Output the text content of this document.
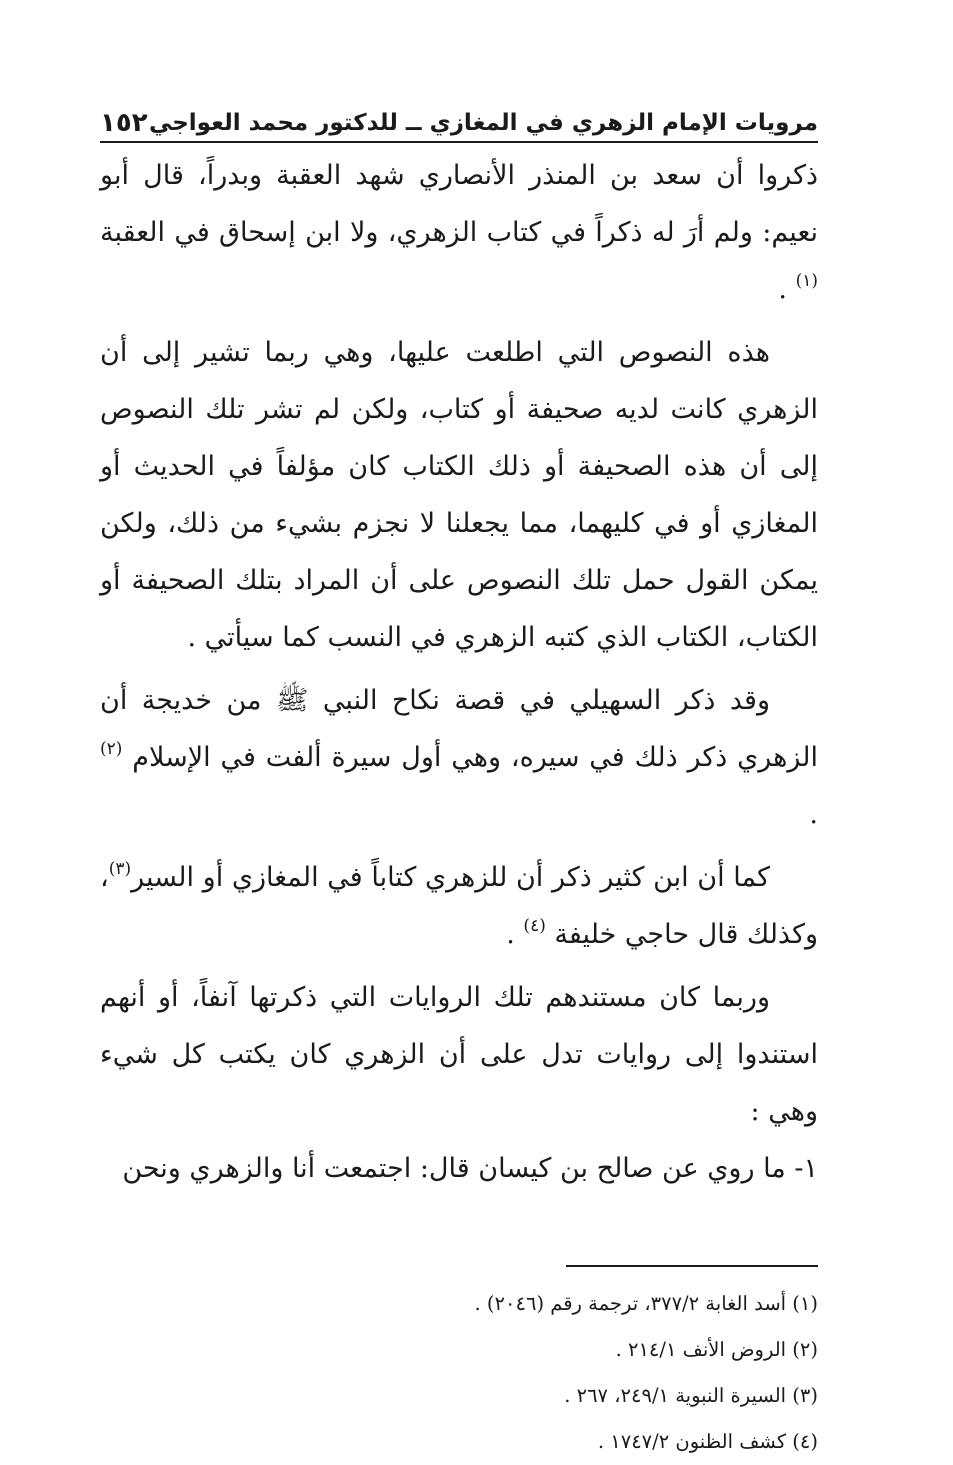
مرويات الإمام الزهري في المغازي ــ للدكتور محمد العواجي
١٥٢

ذكروا أن سعد بن المنذر الأنصاري شهد العقبة وبدراً، قال أبو نعيم: ولم أرَ له ذكراً في كتاب الزهري، ولا ابن إسحاق في العقبة $^{(١)}$ .

هذه النصوص التي اطلعت عليها، وهي ربما تشير إلى أن الزهري كانت لديه صحيفة أو كتاب، ولكن لم تشر تلك النصوص إلى أن هذه الصحيفة أو ذلك الكتاب كان مؤلفاً في الحديث أو المغازي أو في كليهما، مما يجعلنا لا نجزم بشيء من ذلك، ولكن يمكن القول حمل تلك النصوص على أن المراد بتلك الصحيفة أو الكتاب، الكتاب الذي كتبه الزهري في النسب كما سيأتي .

وقد ذكر السهيلي في قصة نكاح النبي ﷺ من خديجة أن الزهري ذكر ذلك في سيره، وهي أول سيرة ألفت في الإسلام $^{(٢)}$ .

كما أن ابن كثير ذكر أن للزهري كتاباً في المغازي أو السير$^{(٣)}$، وكذلك قال حاجي خليفة $^{(٤)}$ .

وربما كان مستندهم تلك الروايات التي ذكرتها آنفاً، أو أنهم استندوا إلى روايات تدل على أن الزهري كان يكتب كل شيء وهي :

١- ما روي عن صالح بن كيسان قال: اجتمعت أنا والزهري ونحن

(١) أسد الغابة ٣٧٧/٢، ترجمة رقم (٢٠٤٦) .

(٢) الروض الأنف ٢١٤/١ .

(٣) السيرة النبوية ٢٤٩/١، ٢٦٧ .

(٤) كشف الظنون ١٧٤٧/٢ .
